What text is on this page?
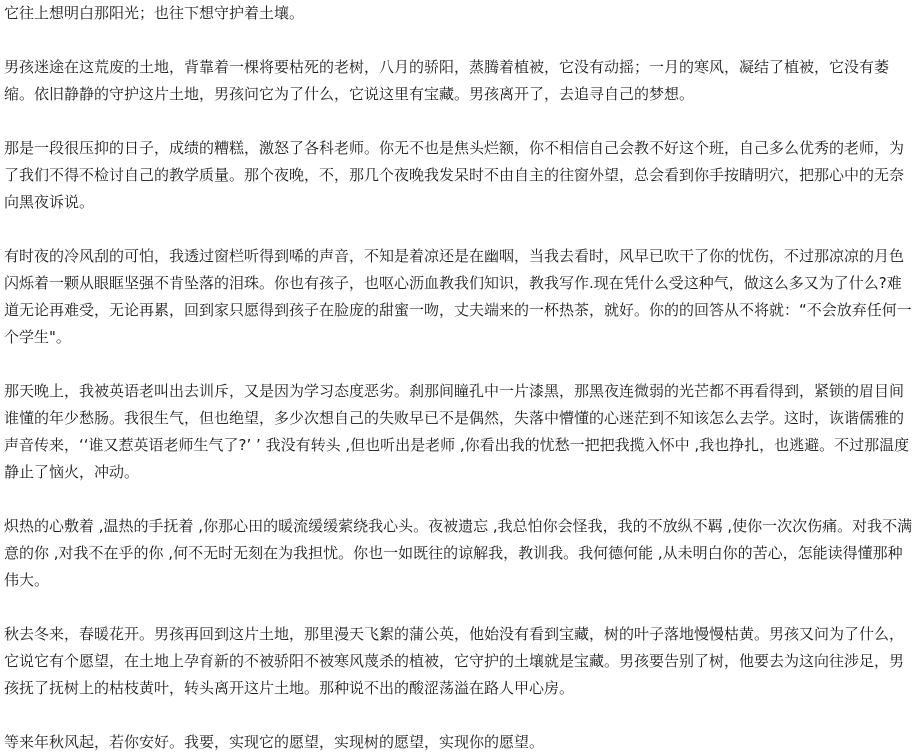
它往上想明白那阳光；也往下想守护着土壤。

男孩迷途在这荒废的土地，背靠着一棵将要枯死的老树，八月的骄阳，蒸腾着植被，它没有动摇；一月的寒风，凝结了植被，它没有萎缩。依旧静静的守护这片土地，男孩问它为了什么，它说这里有宝藏。男孩离开了，去追寻自己的梦想。

那是一段很压抑的日子，成绩的糟糕，激怒了各科老师。你无不也是焦头烂额，你不相信自己会教不好这个班，自己多么优秀的老师，为了我们不得不检讨自己的教学质量。那个夜晚，不，那几个夜晚我发呆时不由自主的往窗外望，总会看到你手按睛明穴，把那心中的无奈向黑夜诉说。

有时夜的冷风刮的可怕，我透过窗栏听得到唏的声音，不知是着凉还是在幽咽，当我去看时，风早已吹干了你的忧伤，不过那凉凉的月色闪烁着一颗从眼眶坚强不肯坠落的泪珠。你也有孩子，也呕心沥血教我们知识，教我写作.现在凭什么受这种气，做这么多又为了什么?难道无论再难受，无论再累，回到家只愿得到孩子在脸庞的甜蜜一吻，丈夫端来的一杯热茶，就好。你的的回答从不将就：“不会放弃任何一个学生"。

那天晚上，我被英语老叫出去训斥，又是因为学习态度恶劣。刹那间瞳孔中一片漆黑，那黑夜连微弱的光芒都不再看得到，紧锁的眉目间谁懂的年少愁肠。我很生气，但也绝望，多少次想自己的失败早已不是偶然，失落中懵懂的心迷茫到不知该怎么去学。这时，诙谐儒雅的声音传来，‘‘谁又惹英语老师生气了?’ ’ 我没有转头 ,但也听出是老师 ,你看出我的忧愁一把把我揽入怀中 ,我也挣扎，也逃避。不过那温度静止了恼火，冲动。

炽热的心敷着 ,温热的手抚着 ,你那心田的暖流缓缓萦绕我心头。夜被遗忘 ,我总怕你会怪我，我的不放纵不羁 ,使你一次次伤痛。对我不满意的你 ,对我不在乎的你 ,何不无时无刻在为我担忧。你也一如既往的谅解我，教训我。我何德何能 ,从未明白你的苦心，怎能读得懂那种伟大。

秋去冬来，春暖花开。男孩再回到这片土地，那里漫天飞絮的蒲公英，他始没有看到宝藏，树的叶子落地慢慢枯黄。男孩又问为了什么，它说它有个愿望，在土地上孕育新的不被骄阳不被寒风蔑杀的植被，它守护的土壤就是宝藏。男孩要告别了树，他要去为这向往涉足，男孩抚了抚树上的枯枝黄叶，转头离开这片土地。那种说不出的酸涩荡溢在路人甲心房。

等来年秋风起，若你安好。我要，实现它的愿望，实现树的愿望，实现你的愿望。
